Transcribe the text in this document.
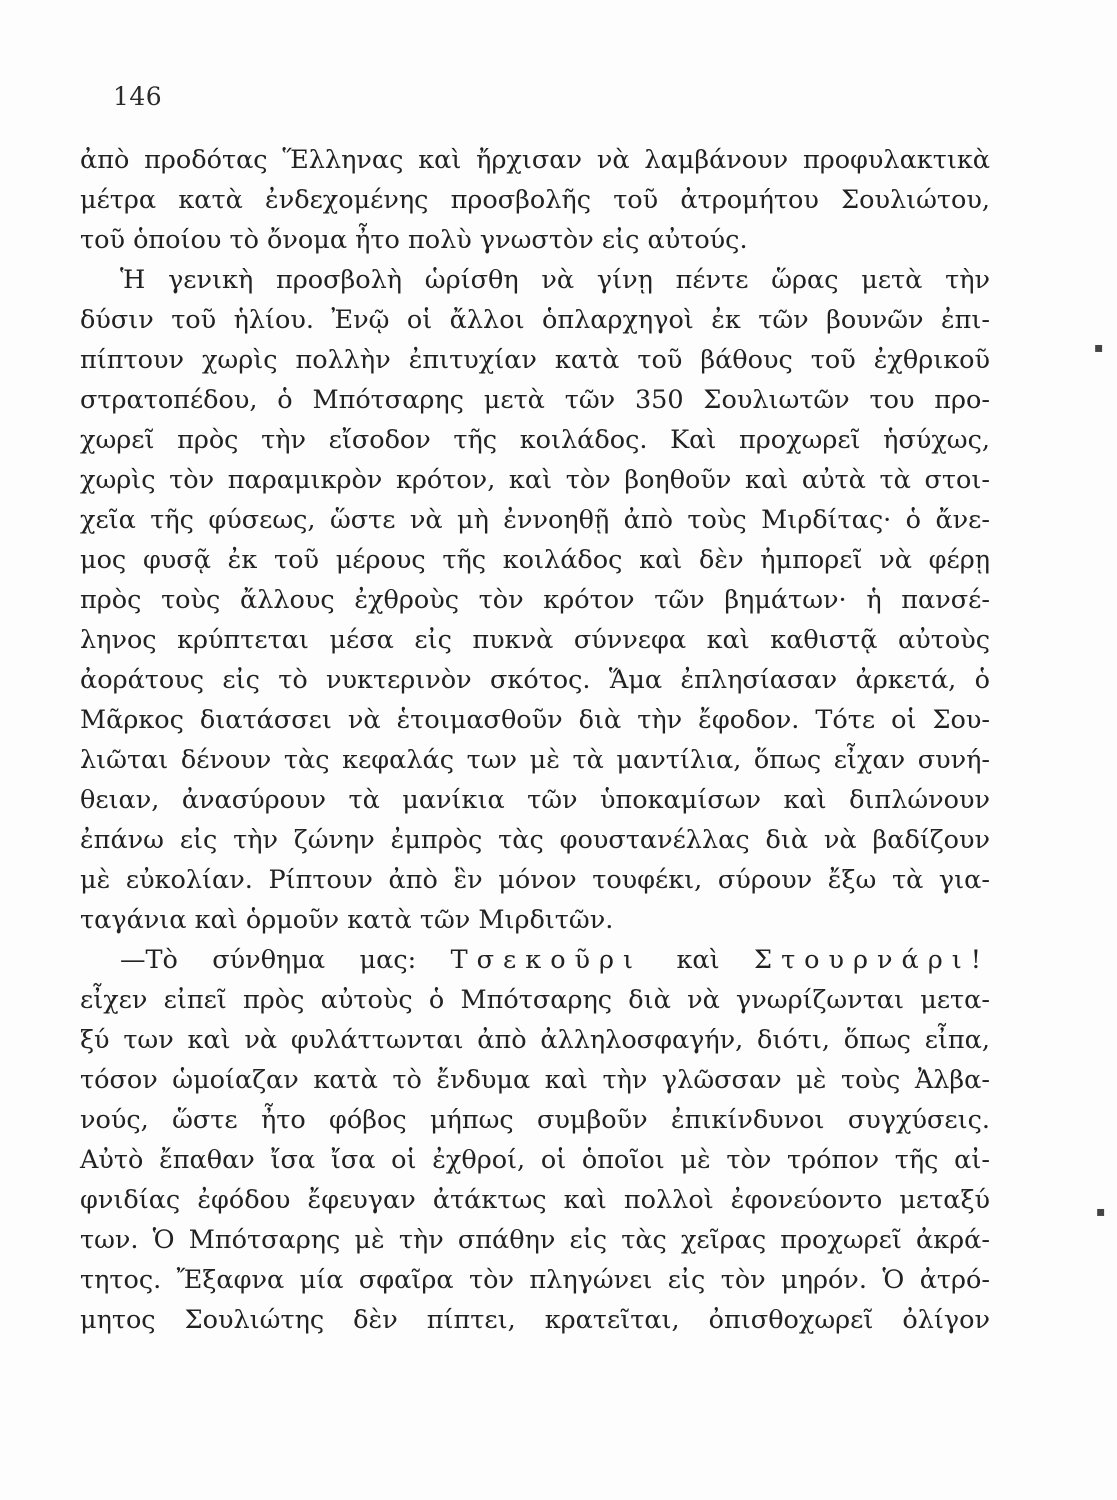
146
ἀπὸ προδότας Ἕλληνας καὶ ἤρχισαν νὰ λαμβάνουν προφυλακτικὰ
μέτρα κατὰ ἐνδεχομένης προσβολῆς τοῦ ἀτρομήτου Σουλιώτου,
τοῦ ὁποίου τὸ ὄνομα ἦτο πολὺ γνωστὸν εἰς αὐτούς.
Ἡ γενικὴ προσβολὴ ὡρίσθη νὰ γίνῃ πέντε ὥρας μετὰ τὴν
δύσιν τοῦ ἡλίου. Ἐνῷ οἱ ἄλλοι ὁπλαρχηγοὶ ἐκ τῶν βουνῶν ἐπι-
πίπτουν χωρὶς πολλὴν ἐπιτυχίαν κατὰ τοῦ βάθους τοῦ ἐχθρικοῦ
στρατοπέδου, ὁ Μπότσαρης μετὰ τῶν 350 Σουλιωτῶν του προ-
χωρεῖ πρὸς τὴν εἴσοδον τῆς κοιλάδος. Καὶ προχωρεῖ ἡσύχως,
χωρὶς τὸν παραμικρὸν κρότον, καὶ τὸν βοηθοῦν καὶ αὐτὰ τὰ στοι-
χεῖα τῆς φύσεως, ὥστε νὰ μὴ ἐννοηθῇ ἀπὸ τοὺς Μιρδίτας· ὁ ἄνε-
μος φυσᾷ ἐκ τοῦ μέρους τῆς κοιλάδος καὶ δὲν ἠμπορεῖ νὰ φέρῃ
πρὸς τοὺς ἄλλους ἐχθροὺς τὸν κρότον τῶν βημάτων· ἡ πανσέ-
ληνος κρύπτεται μέσα εἰς πυκνὰ σύννεφα καὶ καθιστᾷ αὐτοὺς
ἀοράτους εἰς τὸ νυκτερινὸν σκότος. Ἅμα ἐπλησίασαν ἀρκετά, ὁ
Μᾶρκος διατάσσει νὰ ἑτοιμασθοῦν διὰ τὴν ἔφοδον. Τότε οἱ Σου-
λιῶται δένουν τὰς κεφαλάς των μὲ τὰ μαντίλια, ὅπως εἶχαν συνή-
θειαν, ἀνασύρουν τὰ μανίκια τῶν ὑποκαμίσων καὶ διπλώνουν
ἐπάνω εἰς τὴν ζώνην ἐμπρὸς τὰς φουστανέλλας διὰ νὰ βαδίζουν
μὲ εὐκολίαν. Ρίπτουν ἀπὸ ἓν μόνον τουφέκι, σύρουν ἔξω τὰ για-
ταγάνια καὶ ὁρμοῦν κατὰ τῶν Μιρδιτῶν.
—Τὸ σύνθημα μας: Τσεκοῦρι καὶ Στουρνάρι!
εἶχεν εἰπεῖ πρὸς αὐτοὺς ὁ Μπότσαρης διὰ νὰ γνωρίζωνται μετα-
ξύ των καὶ νὰ φυλάττωνται ἀπὸ ἀλληλοσφαγήν, διότι, ὅπως εἶπα,
τόσον ὡμοίαζαν κατὰ τὸ ἔνδυμα καὶ τὴν γλῶσσαν μὲ τοὺς Ἀλβα-
νούς, ὥστε ἦτο φόβος μήπως συμβοῦν ἐπικίνδυνοι συγχύσεις.
Αὐτὸ ἔπαθαν ἴσα ἴσα οἱ ἐχθροί, οἱ ὁποῖοι μὲ τὸν τρόπον τῆς αἰ-
φνιδίας ἐφόδου ἔφευγαν ἀτάκτως καὶ πολλοὶ ἐφονεύοντο μεταξύ
των. Ὁ Μπότσαρης μὲ τὴν σπάθην εἰς τὰς χεῖρας προχωρεῖ ἀκρά-
τητος. Ἔξαφνα μία σφαῖρα τὸν πληγώνει εἰς τὸν μηρόν. Ὁ ἀτρό-
μητος Σουλιώτης δὲν πίπτει, κρατεῖται, ὀπισθοχωρεῖ ὀλίγον
▪
▪
